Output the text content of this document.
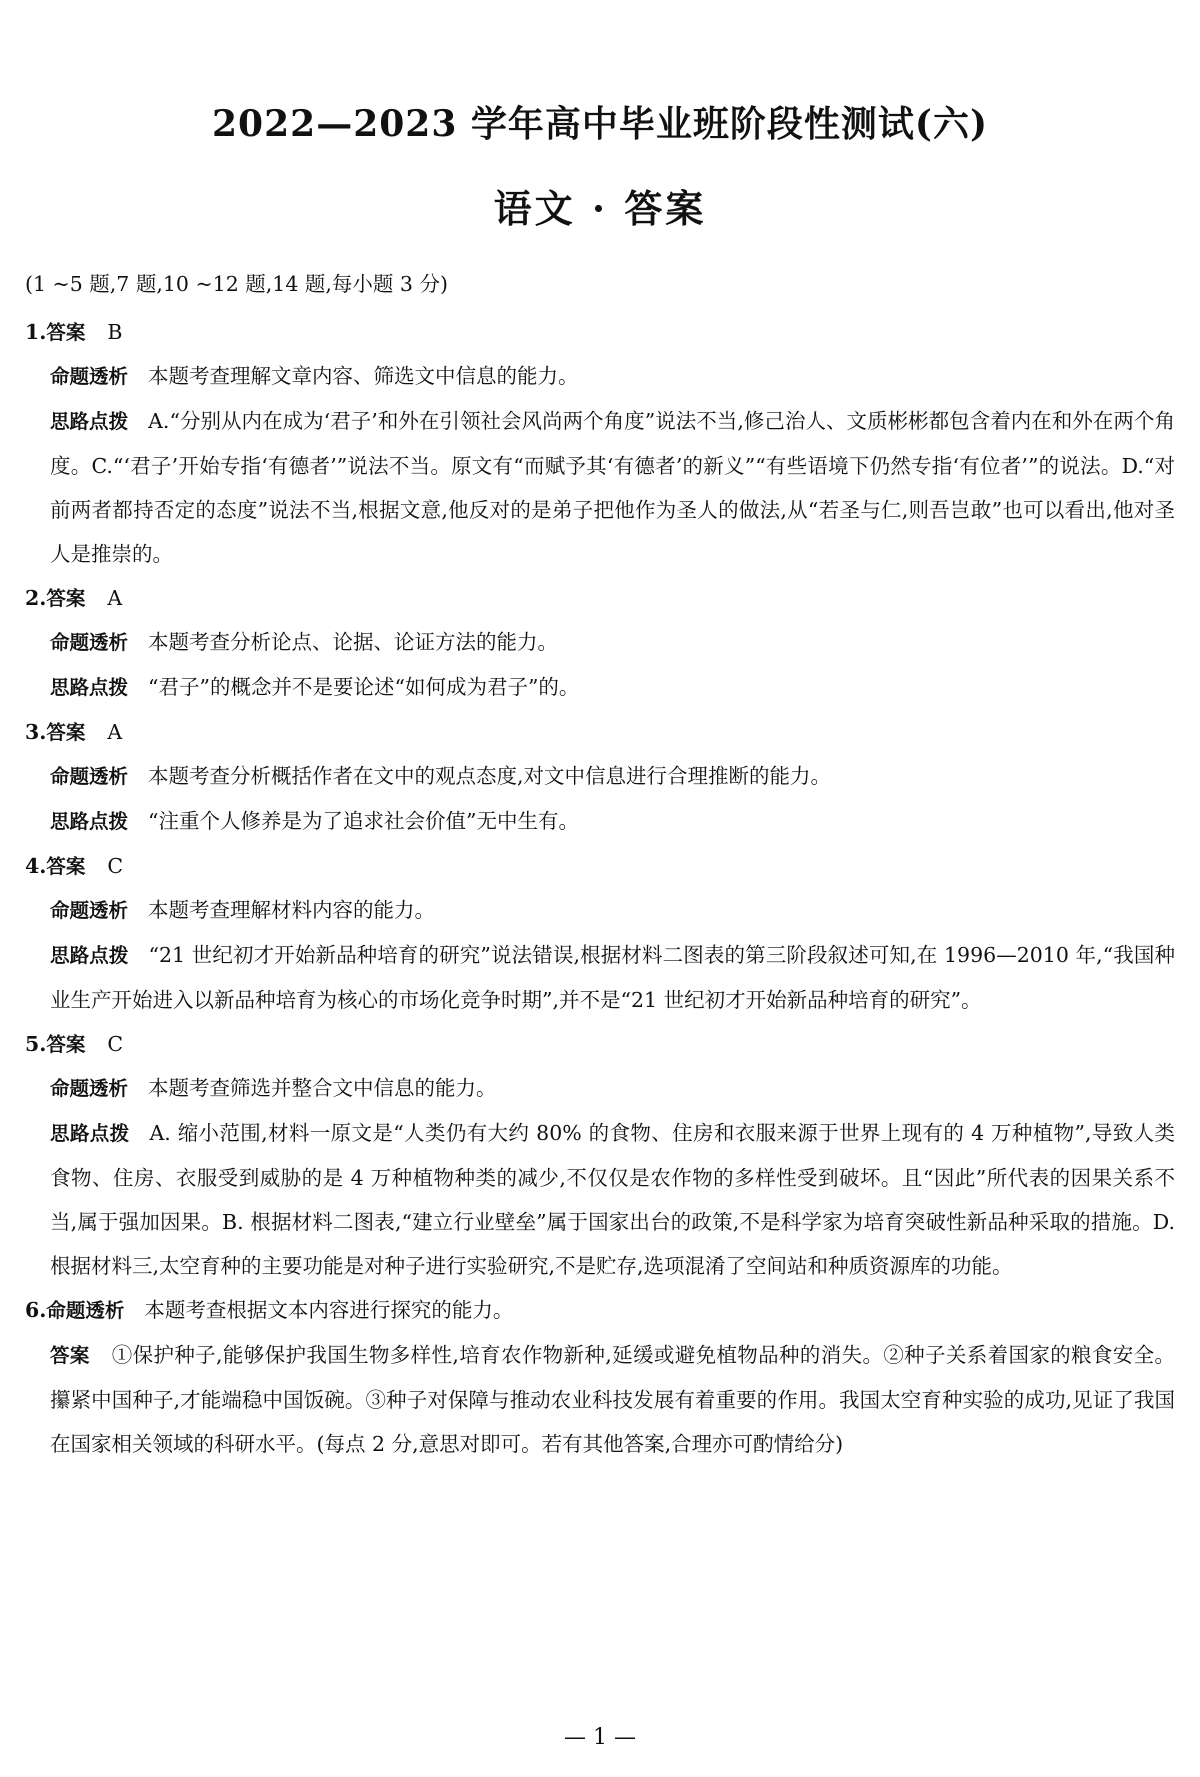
2022—2023 学年高中毕业班阶段性测试(六)
语文 · 答案
(1 ~5 题,7 题,10 ~12 题,14 题,每小题 3 分)
1.答案 B
命题透析 本题考查理解文章内容、筛选文中信息的能力。
思路点拨 A.“分别从内在成为‘君子’和外在引领社会风尚两个角度”说法不当,修己治人、文质彬彬都包含着内在和外在两个角度。C.“‘君子’开始专指‘有德者’”说法不当。原文有“而赋予其‘有德者’的新义”“有些语境下仍然专指‘有位者’”的说法。D.“对前两者都持否定的态度”说法不当,根据文意,他反对的是弟子把他作为圣人的做法,从“若圣与仁,则吾岂敢”也可以看出,他对圣人是推崇的。
2.答案 A
命题透析 本题考查分析论点、论据、论证方法的能力。
思路点拨 “君子”的概念并不是要论述“如何成为君子”的。
3.答案 A
命题透析 本题考查分析概括作者在文中的观点态度,对文中信息进行合理推断的能力。
思路点拨 “注重个人修养是为了追求社会价值”无中生有。
4.答案 C
命题透析 本题考查理解材料内容的能力。
思路点拨 “21 世纪初才开始新品种培育的研究”说法错误,根据材料二图表的第三阶段叙述可知,在 1996—2010 年,“我国种业生产开始进入以新品种培育为核心的市场化竞争时期”,并不是“21 世纪初才开始新品种培育的研究”。
5.答案 C
命题透析 本题考查筛选并整合文中信息的能力。
思路点拨 A. 缩小范围,材料一原文是“人类仍有大约 80% 的食物、住房和衣服来源于世界上现有的 4 万种植物”,导致人类食物、住房、衣服受到威胁的是 4 万种植物种类的减少,不仅仅是农作物的多样性受到破坏。且“因此”所代表的因果关系不当,属于强加因果。B. 根据材料二图表,“建立行业壁垒”属于国家出台的政策,不是科学家为培育突破性新品种采取的措施。D. 根据材料三,太空育种的主要功能是对种子进行实验研究,不是贮存,选项混淆了空间站和种质资源库的功能。
6.命题透析 本题考查根据文本内容进行探究的能力。
答案 ①保护种子,能够保护我国生物多样性,培育农作物新种,延缓或避免植物品种的消失。②种子关系着国家的粮食安全。攥紧中国种子,才能端稳中国饭碗。③种子对保障与推动农业科技发展有着重要的作用。我国太空育种实验的成功,见证了我国在国家相关领域的科研水平。(每点 2 分,意思对即可。若有其他答案,合理亦可酌情给分)
— 1 —
